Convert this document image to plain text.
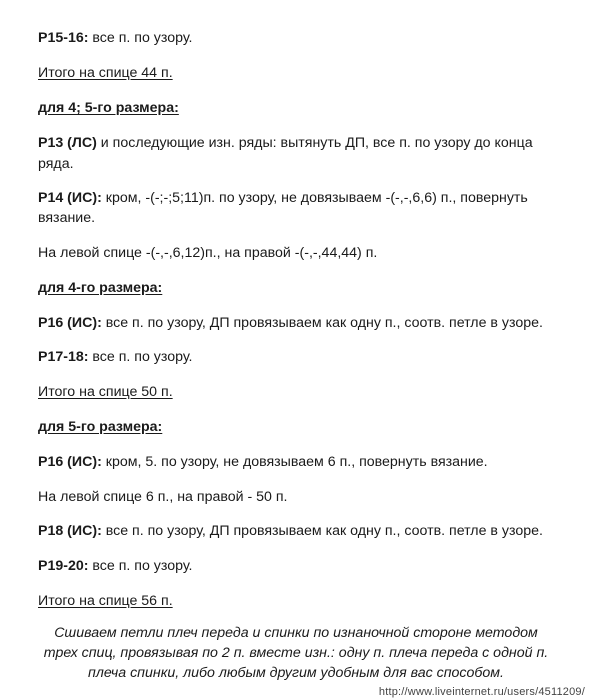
Р15-16: все п. по узору.
Итого на спице 44 п.
для 4; 5-го размера:
Р13 (ЛС) и последующие изн. ряды: вытянуть ДП, все п. по узору до конца
ряда.
Р14 (ИС): кром, -(-;-;5;11)п. по узору, не довязываем -(-,-,6,6) п., повернуть
вязание.
На левой спице -(-,-,6,12)п., на правой -(-,-,44,44) п.
для 4-го размера:
Р16 (ИС): все п. по узору, ДП провязываем как одну п., соотв. петле в узоре.
Р17-18: все п. по узору.
Итого на спице 50 п.
для 5-го размера:
Р16 (ИС): кром, 5. по узору, не довязываем 6 п., повернуть вязание.
На левой спице 6 п., на правой - 50 п.
Р18 (ИС): все п. по узору, ДП провязываем как одну п., соотв. петле в узоре.
Р19-20: все п. по узору.
Итого на спице 56 п.
Сшиваем петли плеч переда и спинки по изнаночной стороне методом
трех спиц, провязывая по 2 п. вместе изн.: одну п. плеча переда с одной п.
плеча спинки, либо любым другим удобным для вас способом.
http://www.liveinternet.ru/users/4511209/
